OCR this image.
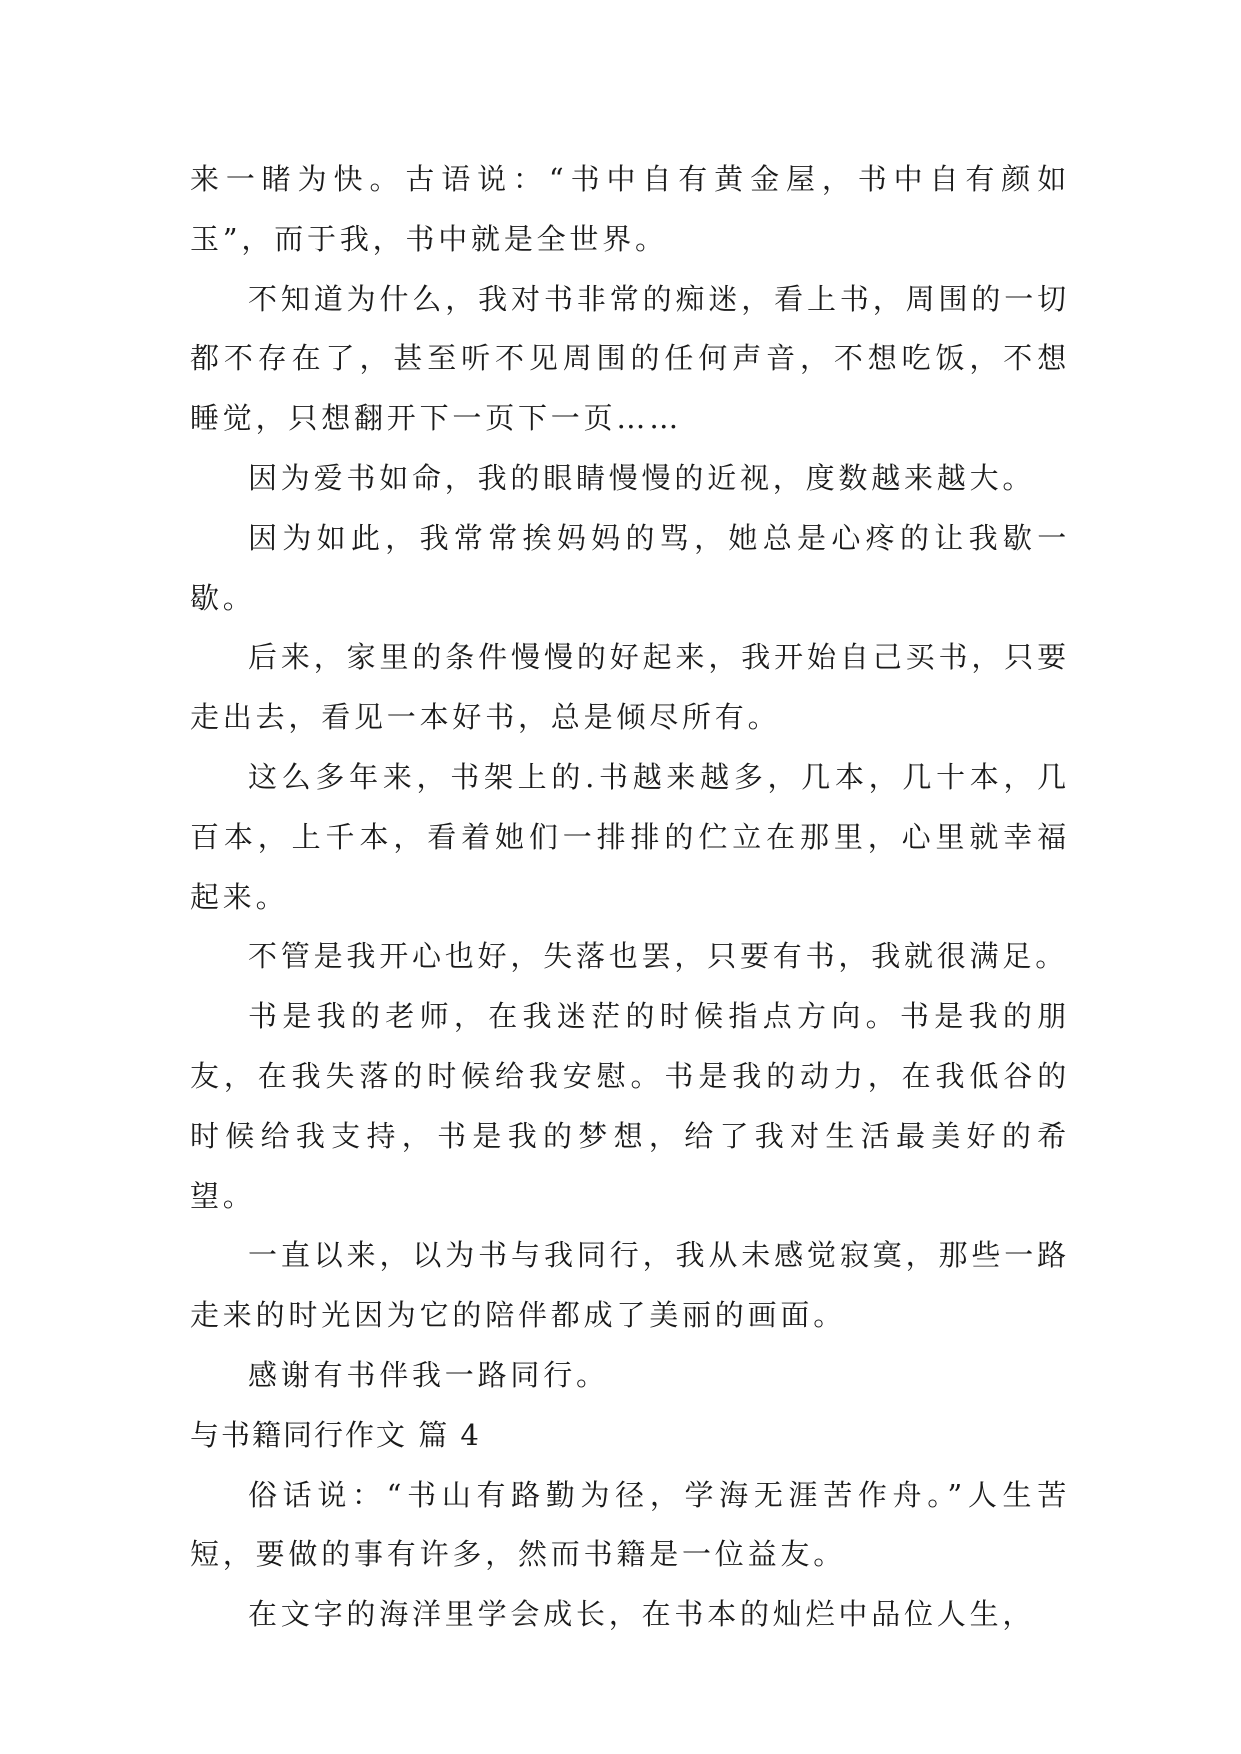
来一睹为快。古语说：“书中自有黄金屋，书中自有颜如玉”，而于我，书中就是全世界。

不知道为什么，我对书非常的痴迷，看上书，周围的一切都不存在了，甚至听不见周围的任何声音，不想吃饭，不想睡觉，只想翻开下一页下一页……

因为爱书如命，我的眼睛慢慢的近视，度数越来越大。

因为如此，我常常挨妈妈的骂，她总是心疼的让我歇一歇。

后来，家里的条件慢慢的好起来，我开始自己买书，只要走出去，看见一本好书，总是倾尽所有。

这么多年来，书架上的.书越来越多，几本，几十本，几百本，上千本，看着她们一排排的伫立在那里，心里就幸福起来。

不管是我开心也好，失落也罢，只要有书，我就很满足。

书是我的老师，在我迷茫的时候指点方向。书是我的朋友，在我失落的时候给我安慰。书是我的动力，在我低谷的时候给我支持，书是我的梦想，给了我对生活最美好的希望。

一直以来，以为书与我同行，我从未感觉寂寞，那些一路走来的时光因为它的陪伴都成了美丽的画面。

感谢有书伴我一路同行。

与书籍同行作文 篇 4

俗话说：“书山有路勤为径，学海无涯苦作舟。”人生苦短，要做的事有许多，然而书籍是一位益友。

在文字的海洋里学会成长，在书本的灿烂中品位人生，
